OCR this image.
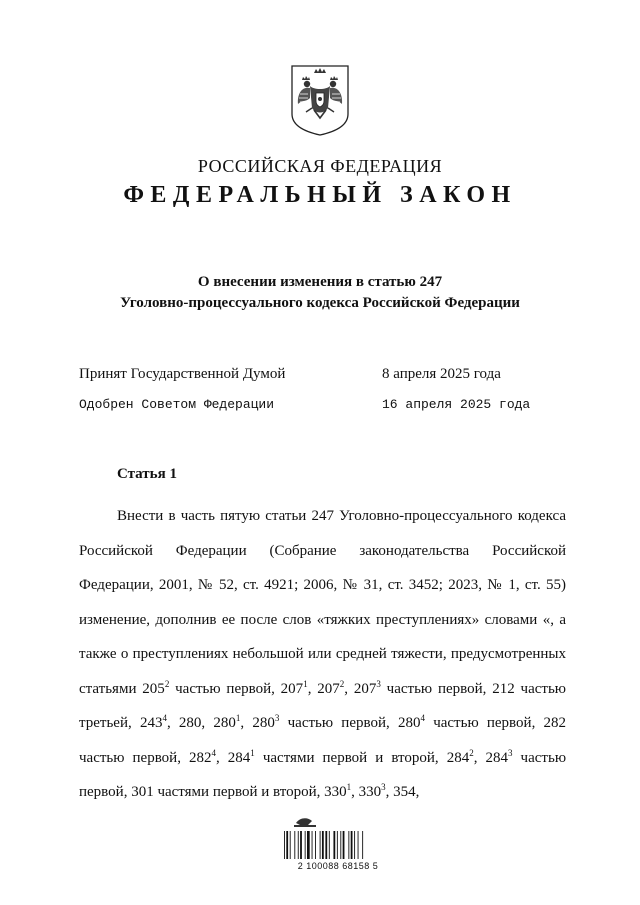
РОССИЙСКАЯ ФЕДЕРАЦИЯ
ФЕДЕРАЛЬНЫЙ ЗАКОН
О внесении изменения в статью 247
Уголовно-процессуального кодекса Российской Федерации
Принят Государственной Думой	8 апреля 2025 года
Одобрен Советом Федерации	16 апреля 2025 года
Статья 1

Внести в часть пятую статьи 247 Уголовно-процессуального кодекса Российской Федерации (Собрание законодательства Российской Федерации, 2001, № 52, ст. 4921; 2006, № 31, ст. 3452; 2023, № 1, ст. 55) изменение, дополнив ее после слов «тяжких преступлениях» словами «, а также о преступлениях небольшой или средней тяжести, предусмотренных статьями $205^2$ частью первой, $207^1$, $207^2$, $207^3$ частью первой, 212 частью третьей, $243^4$, 280, $280^1$, $280^3$ частью первой, $280^4$ частью первой, 282 частью первой, $282^4$, $284^1$ частями первой и второй, $284^2$, $284^3$ частью первой, 301 частями первой и второй, $330^1$, $330^3$, 354,

2 100088 68158 5
